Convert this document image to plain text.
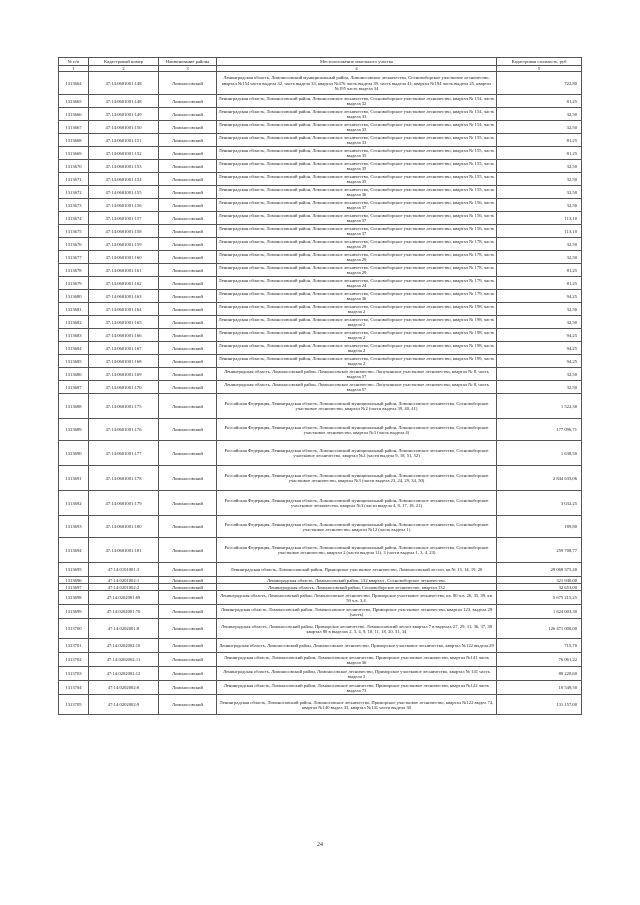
№ п/п	Кадастровый номер	Наименование района	Местоположение земельного участка	Кадастровая стоимость, руб
1	2	3	4	5
1313664	47:14:0601001:148	Ломоносовский	Ленинградская область, Ломоносовский муниципальный район, Ломоносовское лесничество, Сосновоборское участковое лесничество, квартал №154 части выдела 32, часть выдела 33, квартал №476 часть выдела 39, часть выдела 41; квартал №194 часть выдела 25, квартал №195 часть выдела 34	722,80
1313665	47:14:0601001:148	Ломоносовский	Ленинградская область, Ломоносовский район, Ломоносовское лесничество, Сосновоборское участковое лесничество, квартал № 154, часть выдела 32	81,25
1313666	47:14:0601001:149	Ломоносовский	Ленинградская область, Ломоносовский район, Ломоносовское лесничество, Сосновоборское участковое лесничество, квартал № 154, часть выдела 33	32,50
1313667	47:14:0601001:150	Ломоносовский	Ленинградская область, Ломоносовский район, Ломоносовское лесничество, Сосновоборское участковое лесничество, квартал № 154, часть выдела 33	32,50
1313668	47:14:0601001:151	Ломоносовский	Ленинградская область, Ломоносовский район, Ломоносовское лесничество, Сосновоборское участковое лесничество, квартал № 155, часть выдела 33	81,25
1313669	47:14:0601001:152	Ломоносовский	Ленинградская область, Ломоносовский район, Ломоносовское лесничество, Сосновоборское участковое лесничество, квартал № 155, часть выдела 35	81,25
1313670	47:14:0601001:153	Ломоносовский	Ленинградская область, Ломоносовский район, Ломоносовское лесничество, Сосновоборское участковое лесничество, квартал № 155, часть выдела 35	32,50
1313671	47:14:0601001:154	Ломоносовский	Ленинградская область, Ломоносовский район, Ломоносовское лесничество, Сосновоборское участковое лесничество, квартал № 155, часть выдела 35	32,50
1313672	47:14:0601001:155	Ломоносовский	Ленинградская область, Ломоносовский район, Ломоносовское лесничество, Сосновоборское участковое лесничество, квартал № 155, часть выдела 36	32,50
1313673	47:14:0601001:156	Ломоносовский	Ленинградская область, Ломоносовский район, Ломоносовское лесничество, Сосновоборское участковое лесничество, квартал № 156, часть выдела 37	32,50
1313674	47:14:0601001:157	Ломоносовский	Ленинградская область, Ломоносовский район, Ломоносовское лесничество, Сосновоборское участковое лесничество, квартал № 156, часть выдела 37	113,10
1313675	47:14:0601001:158	Ломоносовский	Ленинградская область, Ломоносовский район, Ломоносовское лесничество, Сосновоборское участковое лесничество, квартал № 156, часть выдела 37	113,10
1313676	47:14:0601001:159	Ломоносовский	Ленинградская область, Ломоносовский район, Ломоносовское лесничество, Сосновоборское участковое лесничество, квартал № 178, часть выдела 29	32,50
1313677	47:14:0601001:160	Ломоносовский	Ленинградская область, Ломоносовский район, Ломоносовское лесничество, Сосновоборское участковое лесничество, квартал № 178, часть выдела 29	32,50
1313678	47:14:0601001:161	Ломоносовский	Ленинградская область, Ломоносовский район, Ломоносовское лесничество, Сосновоборское участковое лесничество, квартал № 178, часть выдела 29	81,25
1313679	47:14:0601001:162	Ломоносовский	Ленинградская область, Ломоносовский район, Ломоносовское лесничество, Сосновоборское участковое лесничество, квартал № 179, часть выдела 24	81,25
1313680	47:14:0601001:163	Ломоносовский	Ленинградская область, Ломоносовский район, Ломоносовское лесничество, Сосновоборское участковое лесничество, квартал № 179, часть выдела 36	94,25
1313681	47:14:0601001:164	Ломоносовский	Ленинградская область, Ломоносовский район, Ломоносовское лесничество, Сосновоборское участковое лесничество, квартал № 198, часть выдела 2	32,50
1313682	47:14:0601001:165	Ломоносовский	Ленинградская область, Ломоносовский район, Ломоносовское лесничество, Сосновоборское участковое лесничество, квартал № 198, часть выдела 2	32,50
1313683	47:14:0601001:166	Ломоносовский	Ленинградская область, Ломоносовский район, Ломоносовское лесничество, Сосновоборское участковое лесничество, квартал № 198, часть выдела 2	94,25
1313684	47:14:0601001:167	Ломоносовский	Ленинградская область, Ломоносовский район, Ломоносовское лесничество, Сосновоборское участковое лесничество, квартал № 198, часть выдела 2	94,25
1313685	47:14:0601001:168	Ломоносовский	Ленинградская область, Ломоносовский район, Ломоносовское лесничество, Сосновоборское участковое лесничество, квартал № 199, часть выдела 2	94,25
1313686	47:14:0601001:169	Ломоносовский	Ленинградская область, Ломоносовский район, Ломоносовское лесничество, Лопухинское участковое лесничество, квартал № 8, часть выдела 57	32,50
1313687	47:14:0601001:170	Ломоносовский	Ленинградская область, Ломоносовский район, Ломоносовское лесничество, Лопухинское участковое лесничество, квартал № 8, часть выдела 57	32,50
1313688	47:14:0601001:175	Ломоносовский	Российская Федерация, Ленинградская область, Ломоносовский муниципальный район, Ломоносовское лесничество, Сосновоборское участковое лесничество, квартал №2 (части выдела 39, 40, 41)	1 522,30
1313689	47:14:0601001:176	Ломоносовский	Российская Федерация, Ленинградская область, Ломоносовский муниципальный район, Ломоносовское лесничество, Сосновоборское участковое лесничество, квартал №3 (часть выдела 4)	177 096,71
1313690	47:14:0601001:177	Ломоносовский	Российская Федерация, Ленинградская область, Ломоносовский муниципальный район, Ломоносовское лесничество, Сосновоборское участковое лесничество, квартал №2 (части выдела 9, 18, 51, 52)	1 638,50
1313691	47:14:0601001:178	Ломоносовский	Российская Федерация, Ленинградская область, Ломоносовский муниципальный район, Ломоносовское лесничество, Сосновоборское участковое лесничество, квартал №3 (части выдела 23, 24, 29, 34, 50)	2 844 635,06
1313692	47:14:0601001:179	Ломоносовский	Российская Федерация, Ленинградская область, Ломоносовский муниципальный район, Ломоносовское лесничество, Сосновоборское участковое лесничество, квартал №3 (части выдела 4, 8, 17, 18, 21)	3 032,25
1313693	47:14:0601001:180	Ломоносовский	Российская Федерация, Ленинградская область, Ломоносовский муниципальный район, Ломоносовское лесничество, Сосновоборское участковое лесничество, квартал №12 (часть выдела 1)	189,80
1313694	47:14:0601001:181	Ломоносовский	Российская Федерация, Ленинградская область, Ломоносовский муниципальный район, Ломоносовское лесничество, Сосновоборское участковое лесничество, квартал 2 (части выдела 11), 3 (части выдела 1, 3, 4, 23)	259 708,77
1313695	47:14:0101001:3	Ломоносовский	Ленинградская область, Ломоносовский район, Приморское участковое лесничество, Ломоносовский лесхоз, кв № 13, 14, 19, 20	29 069 375,40
1313696	47:14:0201002:1	Ломоносовский	Ленинградская область, Ломоносовский район, 132 квартал , Сосновоборское лесничество.	321 940,00
1313697	47:14:0201002:2	Ломоносовский	Ленинградская область, Ломоносовский район, Сосновоборское лесничество, квартал 132	32 653,00
1313698	47:14:0202001:69	Ломоносовский	Ленинградская область, Ломоносовский район, Ломоносовское лесничество, Приморское участковое лесничество, кв. 80 ч.в. 26, 35, 39, кв. 59 ч.в. 3,4.	5 675 215,25
1313699	47:14:0202001:70	Ломоносовский	Ленинградская область, Ломоносовский район, Ломоносовское лесничество, Приморское участковое лесничество, квартал 123, выдела 29 (часть)	1 624 003,30
1313700	47:14:0202001:8	Ломоносовский	Ленинградская область, Ломоносовский район, Приморское лесничество, Ломоносовский лесхоз квартал 7 в выделах 27, 29, 31, 36, 37, 38 квартал 80 в выделах 2, 3, 4, 9, 10, 11, 18, 20, 31, 34	126 471 000,00
1313701	47:14:0202002:10	Ломоносовский	Ленинградская область, Ломоносовский район, Ломоносовское лесничество, Приморское участковое лесничество, квартал №122 выдела 29	715,70
1313702	47:14:0202002:11	Ломоносовский	Ленинградская область, Ломоносовский район, Ломоносовское лесничество, Приморское участковое лесничество, квартал №141 часть выдела 36	76 061,22
1313703	47:14:0202002:12	Ломоносовский	Ленинградская область, Ломоносовский район, Ломоносовское лесничество, Приморское участковое лесничество, квартал № 141 часть выдела 3	80 220,60
1313704	47:14:0202002:8	Ломоносовский	Ленинградская область, Ломоносовский район, Ломоносовское лесничество, Приморское участковое лесничество, квартал №122 часть выдела 73	10 549,50
1313705	47:14:0202002:9	Ломоносовский	Ленинградская область, Ломоносовский район, Ломоносовское лесничество, Приморское участковое лесничество, квартал №122 выдел 74, квартал №140 выдел 33, квартал №141 части выдела 30	131 157,00
24
